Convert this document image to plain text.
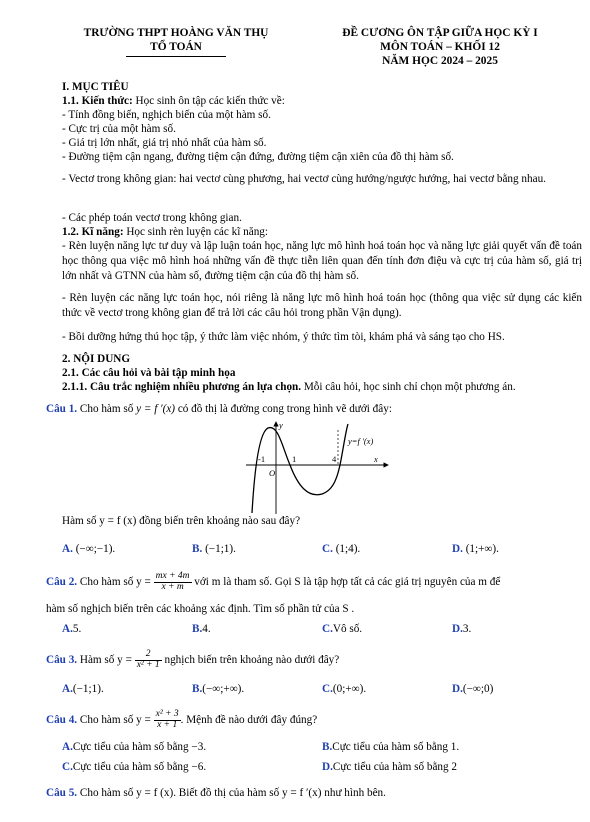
TRƯỜNG THPT HOÀNG VĂN THỤ
TỔ TOÁN
ĐỀ CƯƠNG ÔN TẬP GIỮA HỌC KỲ I
MÔN TOÁN – KHỐI 12
NĂM HỌC 2024 – 2025
I. MỤC TIÊU
1.1. Kiến thức: Học sinh ôn tập các kiến thức về:
- Tính đồng biến, nghịch biến của một hàm số.
- Cực trị của một hàm số.
- Giá trị lớn nhất, giá trị nhỏ nhất của hàm số.
- Đường tiệm cận ngang, đường tiệm cận đứng, đường tiệm cận xiên của đồ thị hàm số.
- Vectơ trong không gian: hai vectơ cùng phương, hai vectơ cùng hướng/ngược hướng, hai vectơ bằng nhau.
- Các phép toán vectơ trong không gian.
1.2. Kĩ năng: Học sinh rèn luyện các kĩ năng:
- Rèn luyện năng lực tư duy và lập luận toán học, năng lực mô hình hoá toán học và năng lực giải quyết vấn đề toán học thông qua việc mô hình hoá những vấn đề thực tiễn liên quan đến tính đơn điệu và cực trị của hàm số, giá trị lớn nhất và GTNN của hàm số, đường tiệm cận của đồ thị hàm số.
- Rèn luyện các năng lực toán học, nói riêng là năng lực mô hình hoá toán học (thông qua việc sử dụng các kiến thức về vectơ trong không gian để trả lời các câu hỏi trong phần Vận dụng).
- Bồi dưỡng hứng thú học tập, ý thức làm việc nhóm, ý thức tìm tòi, khám phá và sáng tạo cho HS.
2. NỘI DUNG
2.1. Các câu hỏi và bài tập minh họa
2.1.1. Câu trắc nghiệm nhiều phương án lựa chọn. Mỗi câu hỏi, học sinh chỉ chọn một phương án.
Câu 1. Cho hàm số y = f ′(x) có đồ thị là đường cong trong hình vẽ dưới đây:
-1	1	4
O
y
x
y=f ′(x)
Hàm số y = f (x) đồng biến trên khoảng nào sau đây?
A. (−∞;−1).	B. (−1;1).	C. (1;4).	D. (1;+∞).
Câu 2. Cho hàm số $y = \frac{mx + 4m}{x + m}$ với m là tham số. Gọi S là tập hợp tất cả các giá trị nguyên của m để
hàm số nghịch biến trên các khoảng xác định. Tìm số phần tử của S .
A.5.	B.4.	C.Vô số.	D.3.
Câu 3. Hàm số $y = \frac{2}{\text{x² + 1}}$ nghịch biến trên khoảng nào dưới đây?
A.(−1;1).	B.(−∞;+∞).	C.(0;+∞).	D.(−∞;0)
Câu 4. Cho hàm số $y = \frac{\text{x² + 3}}{x + 1}$ . Mệnh đề nào dưới đây đúng?
A.Cực tiểu của hàm số bằng −3.	B.Cực tiểu của hàm số bằng 1.
C.Cực tiểu của hàm số bằng −6.	D.Cực tiểu của hàm số bằng 2
Câu 5. Cho hàm số y = f (x). Biết đồ thị của hàm số y = f ′(x) như hình bên.
